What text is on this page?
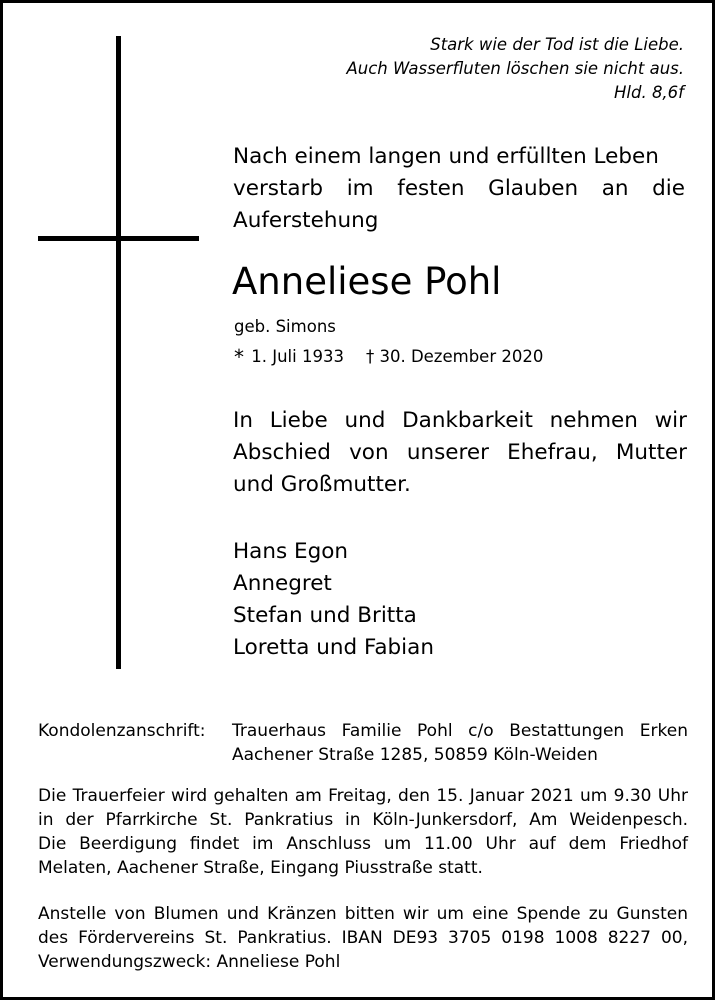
Stark wie der Tod ist die Liebe.
Auch Wasserfluten löschen sie nicht aus.
Hld. 8,6f
Nach einem langen und erfüllten Leben
verstarb im festen Glauben an die
Auferstehung
Anneliese Pohl
geb. Simons
* 1. Juli 1933 † 30. Dezember 2020
In Liebe und Dankbarkeit nehmen wir
Abschied von unserer Ehefrau, Mutter
und Großmutter.
Hans Egon
Annegret
Stefan und Britta
Loretta und Fabian
Kondolenzanschrift:	Trauerhaus Familie Pohl c/o Bestattungen Erken
Aachener Straße 1285, 50859 Köln-Weiden
Die Trauerfeier wird gehalten am Freitag, den 15. Januar 2021 um 9.30 Uhr
in der Pfarrkirche St. Pankratius in Köln-Junkersdorf, Am Weidenpesch.
Die Beerdigung findet im Anschluss um 11.00 Uhr auf dem Friedhof
Melaten, Aachener Straße, Eingang Piusstraße statt.
Anstelle von Blumen und Kränzen bitten wir um eine Spende zu Gunsten
des Fördervereins St. Pankratius. IBAN DE93 3705 0198 1008 8227 00,
Verwendungszweck: Anneliese Pohl
